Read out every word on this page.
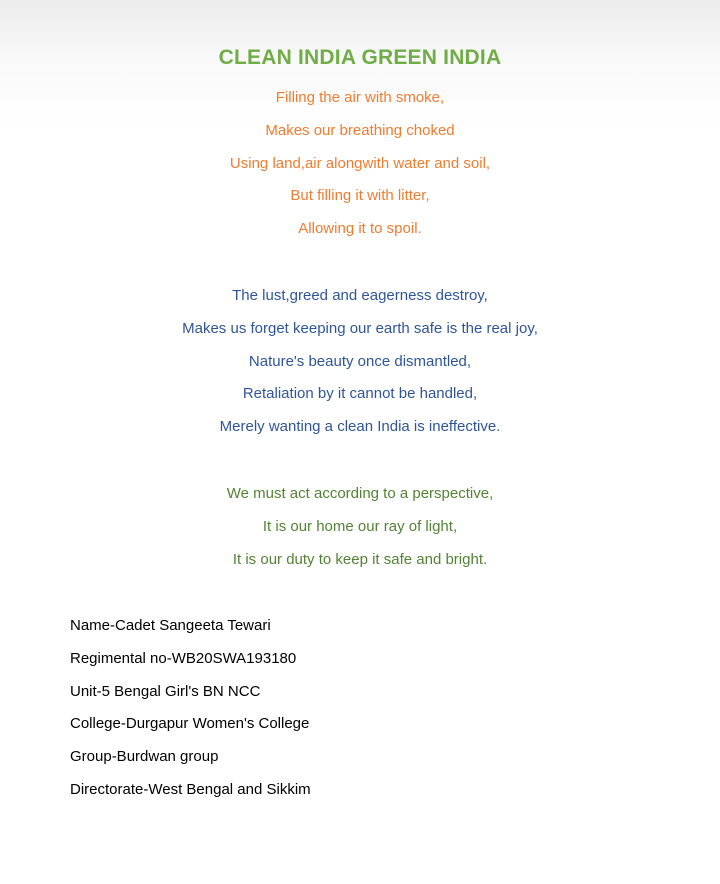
CLEAN INDIA GREEN INDIA
Filling the air with smoke,
Makes our breathing choked
Using land,air alongwith water and soil,
But filling it with litter,
Allowing it to spoil.
The lust,greed and eagerness destroy,
Makes us forget keeping our earth safe is the real joy,
Nature's beauty once dismantled,
Retaliation by it cannot be handled,
Merely wanting a clean India is ineffective.
We must act according to a perspective,
It is our home our ray of light,
It is our duty to keep it safe and bright.
Name-Cadet Sangeeta Tewari
Regimental no-WB20SWA193180
Unit-5 Bengal Girl's BN NCC
College-Durgapur Women's College
Group-Burdwan group
Directorate-West Bengal and Sikkim
